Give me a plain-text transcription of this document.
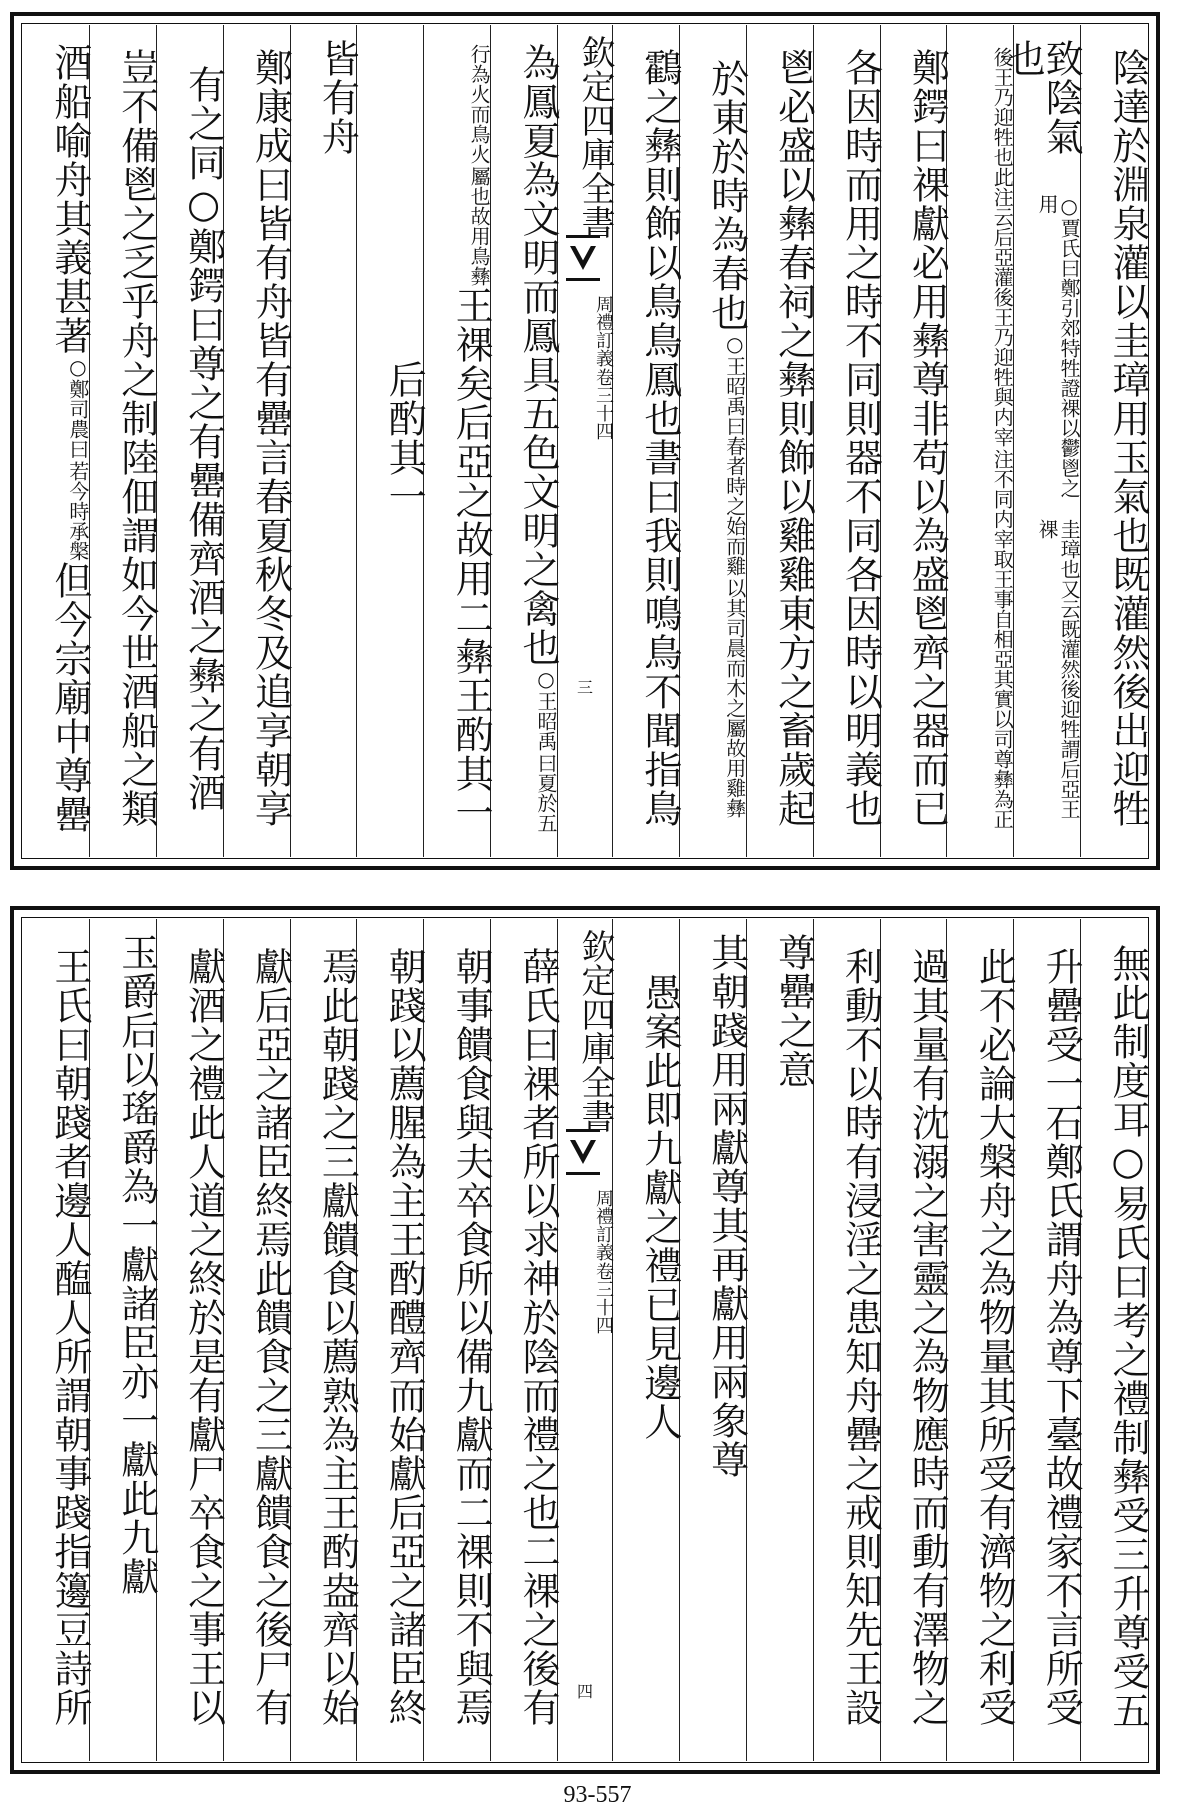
陰達於淵泉灌以圭璋用玉氣也既灌然後出迎牲
致陰氣也
○賈氏曰鄭引郊特牲證祼以鬱鬯之用
圭璋也又云既灌然後迎牲謂后亞王祼
後王乃迎牲也此注云后亞灌後王乃迎牲與内宰
注不同内宰取王事自相亞其實以司尊彝為正
鄭鍔曰祼獻必用彝尊非苟以為盛鬯齊之器而已
各因時而用之時不同則器不同各因時以明義也
鬯必盛以彝春祠之彝則飾以雞雞東方之畜歲起
於東於時為春也
○王昭禹曰春者時之始而雞
以其司晨而木之屬故用雞彝
鸖之彝則飾以鳥鳥鳳也書曰我則鳴鳥不聞指鳥
欽定四庫全書
周禮訂義
卷三十四
三
為鳳夏為文明而鳳具五色文明之禽也
○王昭禹
曰夏於五
行為火而鳥火
屬也故用鳥彝
王祼矣后亞之故用二彝王酌其一
后酌其一
皆有舟
鄭康成曰皆有舟皆有罍言春夏秋冬及追享朝享
有之同○鄭鍔曰尊之有罍備齊酒之彝之有酒
豈不備鬯之乏乎舟之制陸佃謂如今世酒船之類
酒船喻舟其義甚著
○鄭司農曰
若今時承槃
但今宗廟中尊罍
無此制度耳○易氏曰考之禮制彝受三升尊受五
升罍受一石鄭氏謂舟為尊下臺故禮家不言所受
此不必論大槃舟之為物量其所受有濟物之利受
過其量有沈溺之害靈之為物應時而動有澤物之
利動不以時有浸淫之患知舟罍之戒則知先王設
尊罍之意
其朝踐用兩獻尊其再獻用兩象尊
愚案此即九獻之禮已見邊人
欽定四庫全書
周禮訂義
卷三十四
四
薛氏曰祼者所以求神於陰而禮之也二祼之後有
朝事饋食與夫卒食所以備九獻而二祼則不與焉
朝踐以薦腥為主王酌醴齊而始獻后亞之諸臣終
焉此朝踐之三獻饋食以薦熟為主王酌盎齊以始
獻后亞之諸臣終焉此饋食之三獻饋食之後尸有
獻酒之禮此人道之終於是有獻尸卒食之事王以
玉爵后以瑤爵為一獻諸臣亦一獻此九獻
王氏曰朝踐者邊人醢人所謂朝事踐指籩豆詩所
93-557
